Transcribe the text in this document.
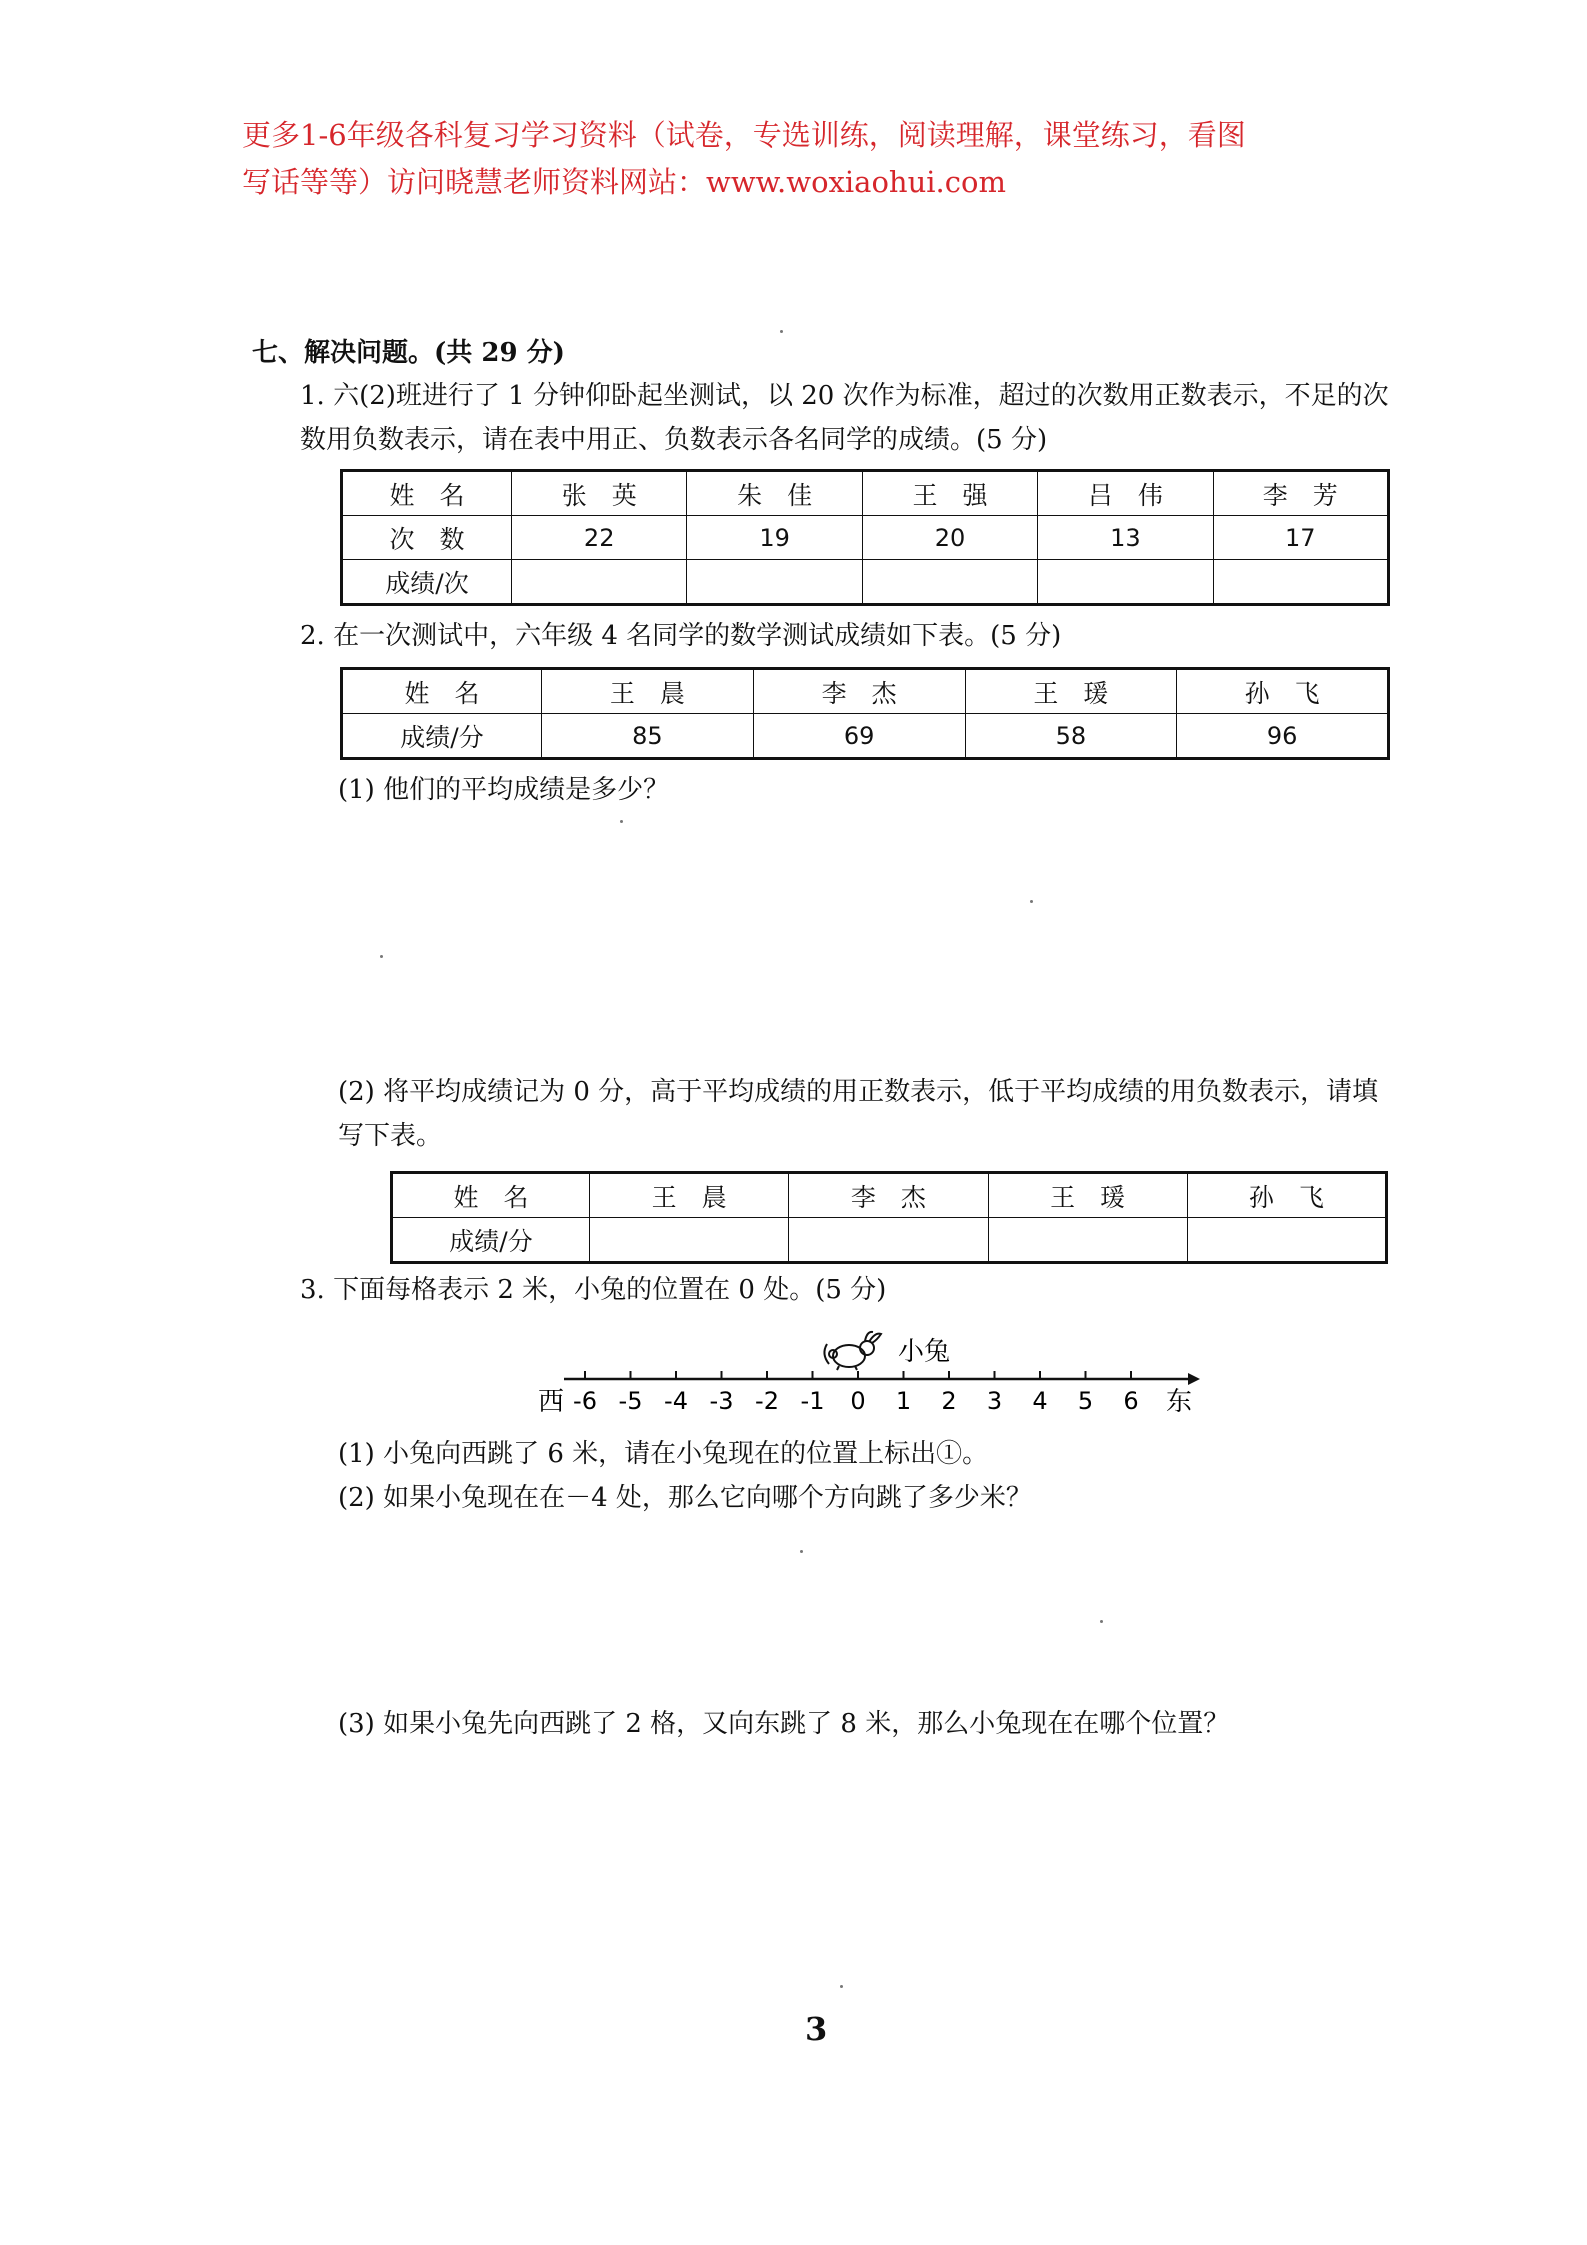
更多1-6年级各科复习学习资料（试卷，专选训练，阅读理解，课堂练习，看图
写话等等）访问晓慧老师资料网站：www.woxiaohui.com
七、解决问题。(共 29 分)
1. 六(2)班进行了 1 分钟仰卧起坐测试，以 20 次作为标准，超过的次数用正数表示，不足的次数用负数表示，请在表中用正、负数表示各名同学的成绩。(5 分)
姓　名	张　英	朱　佳	王　强	吕　伟	李　芳
次　数	22	19	20	13	17
成绩/次					
2. 在一次测试中，六年级 4 名同学的数学测试成绩如下表。(5 分)
姓　名	王　晨	李　杰	王　瑗	孙　飞
成绩/分	85	69	58	96
(1) 他们的平均成绩是多少？
(2) 将平均成绩记为 0 分，高于平均成绩的用正数表示，低于平均成绩的用负数表示，请填写下表。
姓　名	王　晨	李　杰	王　瑗	孙　飞
成绩/分				
3. 下面每格表示 2 米，小兔的位置在 0 处。(5 分)
小兔
西	东
-6 -5 -4 -3 -2 -1 0 1 2 3 4 5 6
(1) 小兔向西跳了 6 米，请在小兔现在的位置上标出①。
(2) 如果小兔现在在－4 处，那么它向哪个方向跳了多少米？
(3) 如果小兔先向西跳了 2 格，又向东跳了 8 米，那么小兔现在在哪个位置？
3
